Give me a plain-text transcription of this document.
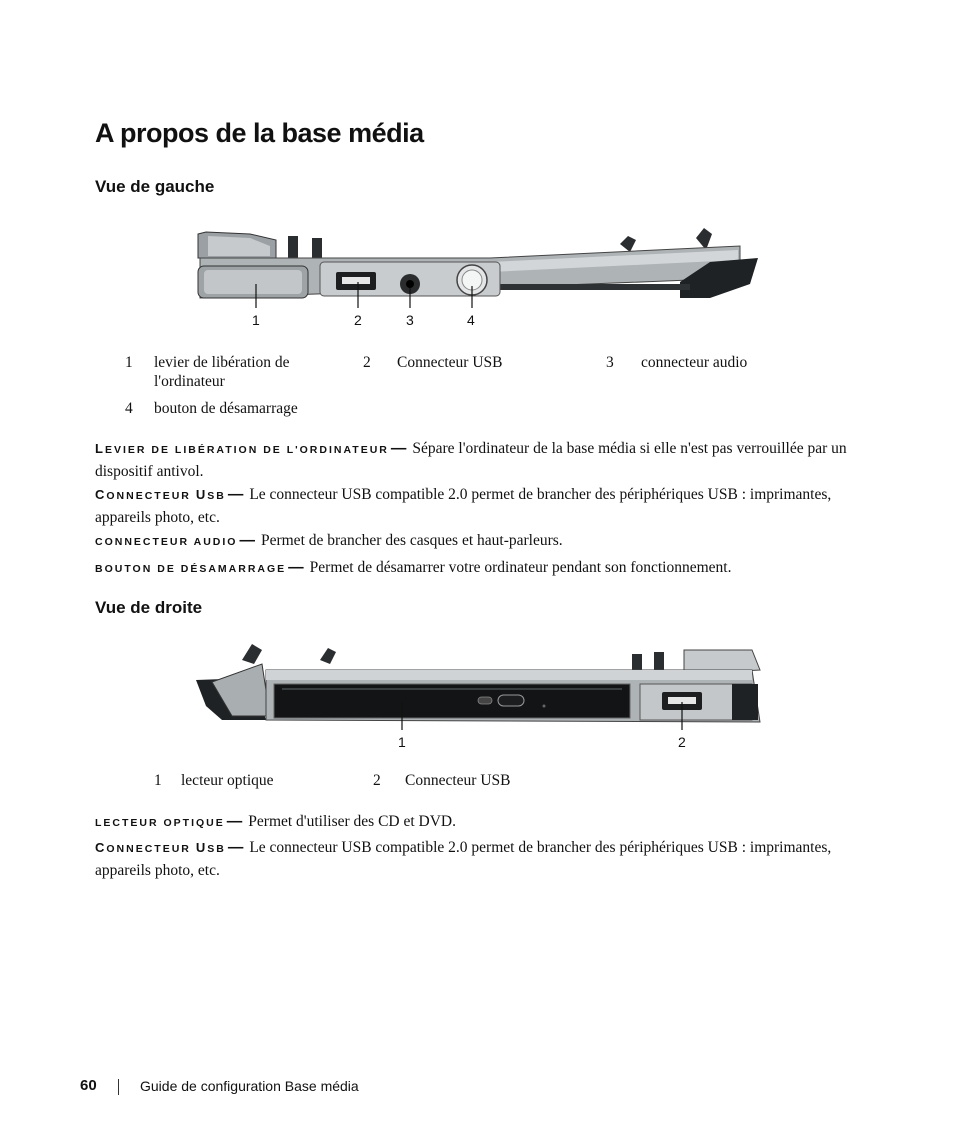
A propos de la base média
Vue de gauche
1	2	3	4
1 levier de libération de l'ordinateur
2 Connecteur USB	3 connecteur audio
4 bouton de désamarrage

LEVIER DE LIBÉRATION DE L'ORDINATEUR — Sépare l'ordinateur de la base média si elle n'est pas verrouillée par un dispositif antivol.

CONNECTEUR USB — Le connecteur USB compatible 2.0 permet de brancher des périphériques USB : imprimantes, appareils photo, etc.

CONNECTEUR AUDIO — Permet de brancher des casques et haut-parleurs.

BOUTON DE DÉSAMARRAGE — Permet de désamarrer votre ordinateur pendant son fonctionnement.

Vue de droite
1	2
1 lecteur optique	2 Connecteur USB

LECTEUR OPTIQUE — Permet d'utiliser des CD et DVD.

CONNECTEUR USB — Le connecteur USB compatible 2.0 permet de brancher des périphériques USB : imprimantes, appareils photo, etc.

60	Guide de configuration Base média
